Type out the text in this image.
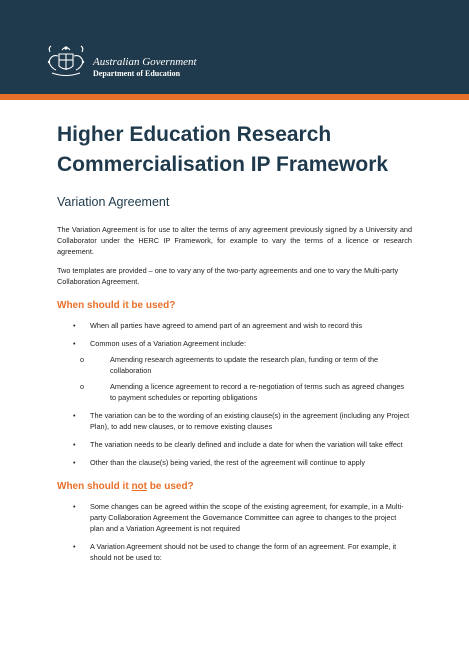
Australian Government
Department of Education
Higher Education Research
Commercialisation IP Framework
Variation Agreement

The Variation Agreement is for use to alter the terms of any agreement previously signed by a University and Collaborator under the HERC IP Framework, for example to vary the terms of a licence or research agreement.

Two templates are provided – one to vary any of the two-party agreements and one to vary the Multi-party Collaboration Agreement.

When should it be used?
• When all parties have agreed to amend part of an agreement and wish to record this
• Common uses of a Variation Agreement include:
o	Amending research agreements to update the research plan, funding or term of the collaboration
o	Amending a licence agreement to record a re-negotiation of terms such as agreed changes to payment schedules or reporting obligations
• The variation can be to the wording of an existing clause(s) in the agreement (including any Project Plan), to add new clauses, or to remove existing clauses
• The variation needs to be clearly defined and include a date for when the variation will take effect
• Other than the clause(s) being varied, the rest of the agreement will continue to apply
When should it not be used?
• Some changes can be agreed within the scope of the existing agreement, for example, in a Multi-party Collaboration Agreement the Governance Committee can agree to changes to the project plan and a Variation Agreement is not required
• A Variation Agreement should not be used to change the form of an agreement. For example, it should not be used to:
